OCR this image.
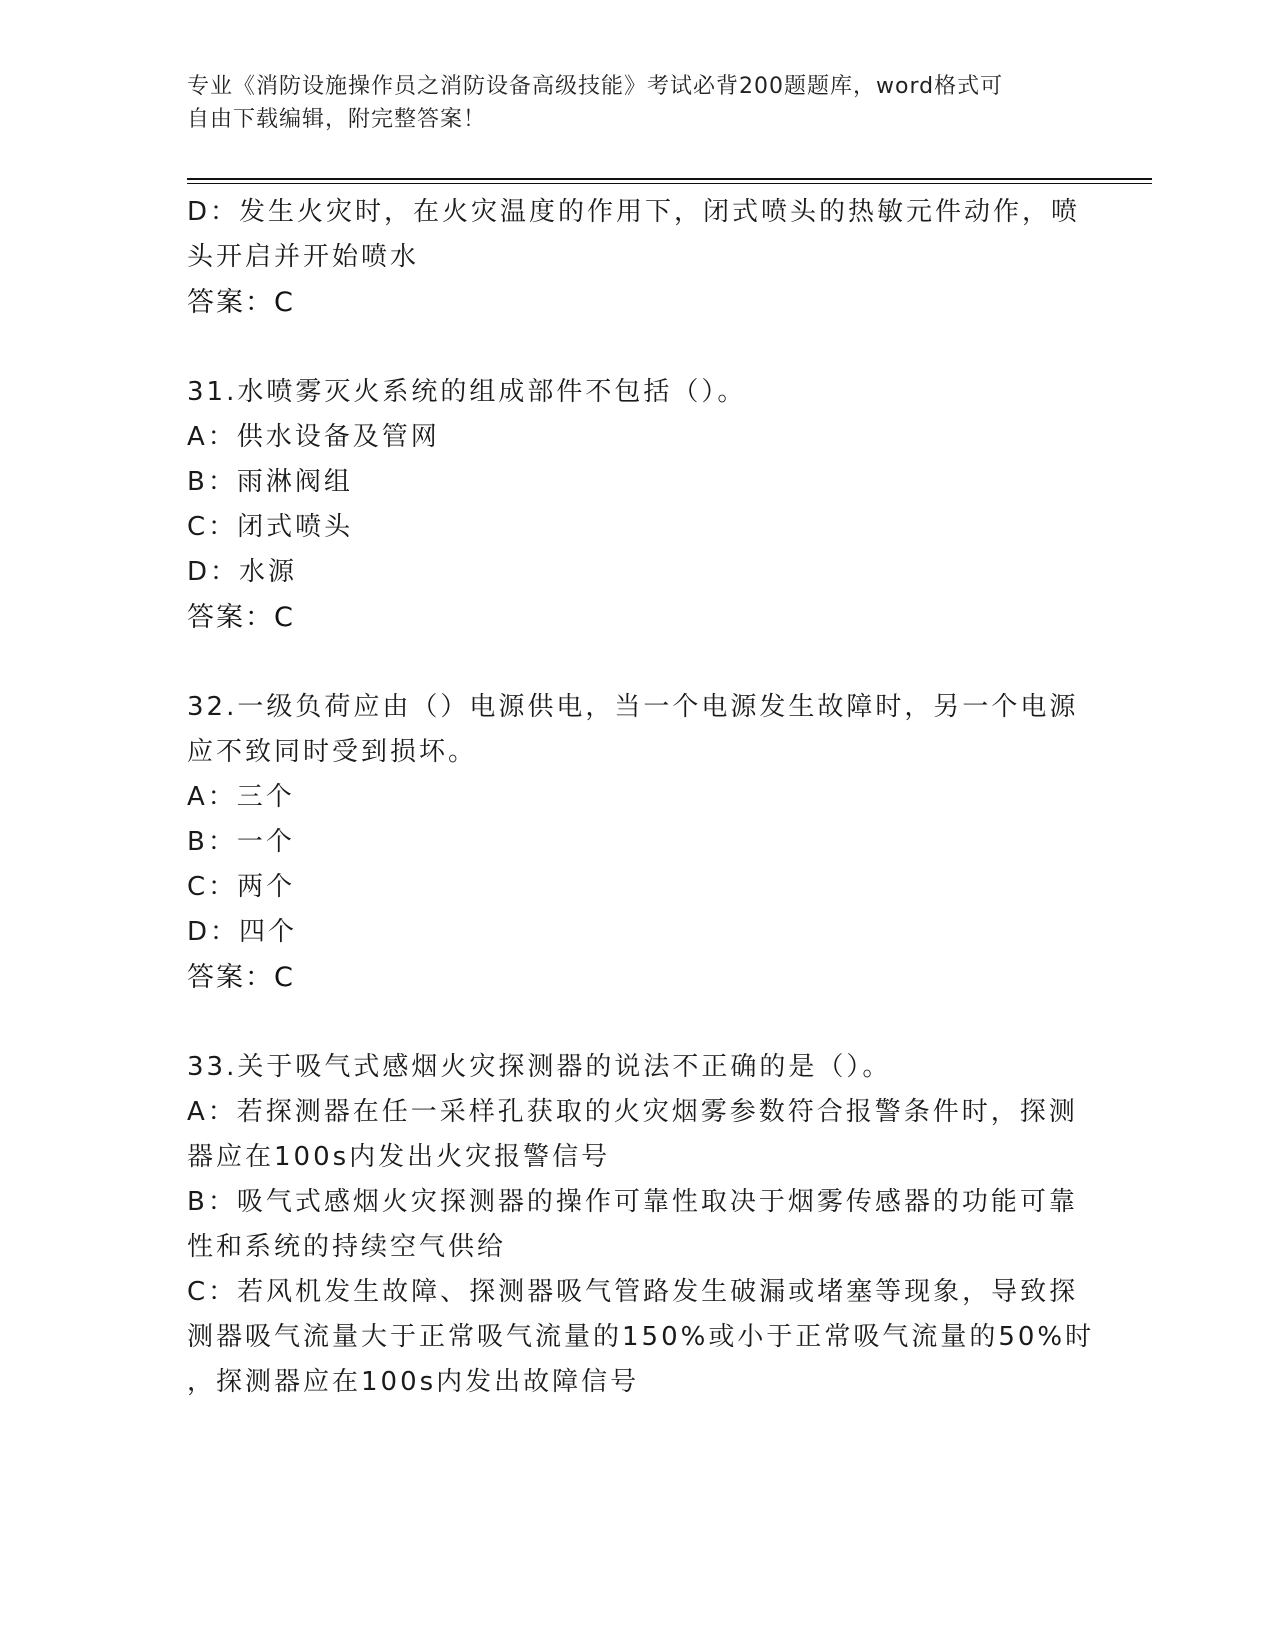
专业《消防设施操作员之消防设备高级技能》考试必背200题题库，word格式可
自由下载编辑，附完整答案！
D：发生火灾时，在火灾温度的作用下，闭式喷头的热敏元件动作，喷
头开启并开始喷水
答案：C
31.水喷雾灭火系统的组成部件不包括（）。
A：供水设备及管网
B：雨淋阀组
C：闭式喷头
D：水源
答案：C
32.一级负荷应由（）电源供电，当一个电源发生故障时，另一个电源
应不致同时受到损坏。
A：三个
B：一个
C：两个
D：四个
答案：C
33.关于吸气式感烟火灾探测器的说法不正确的是（）。
A：若探测器在任一采样孔获取的火灾烟雾参数符合报警条件时，探测
器应在100s内发出火灾报警信号
B：吸气式感烟火灾探测器的操作可靠性取决于烟雾传感器的功能可靠
性和系统的持续空气供给
C：若风机发生故障、探测器吸气管路发生破漏或堵塞等现象，导致探
测器吸气流量大于正常吸气流量的150%或小于正常吸气流量的50%时
，探测器应在100s内发出故障信号
